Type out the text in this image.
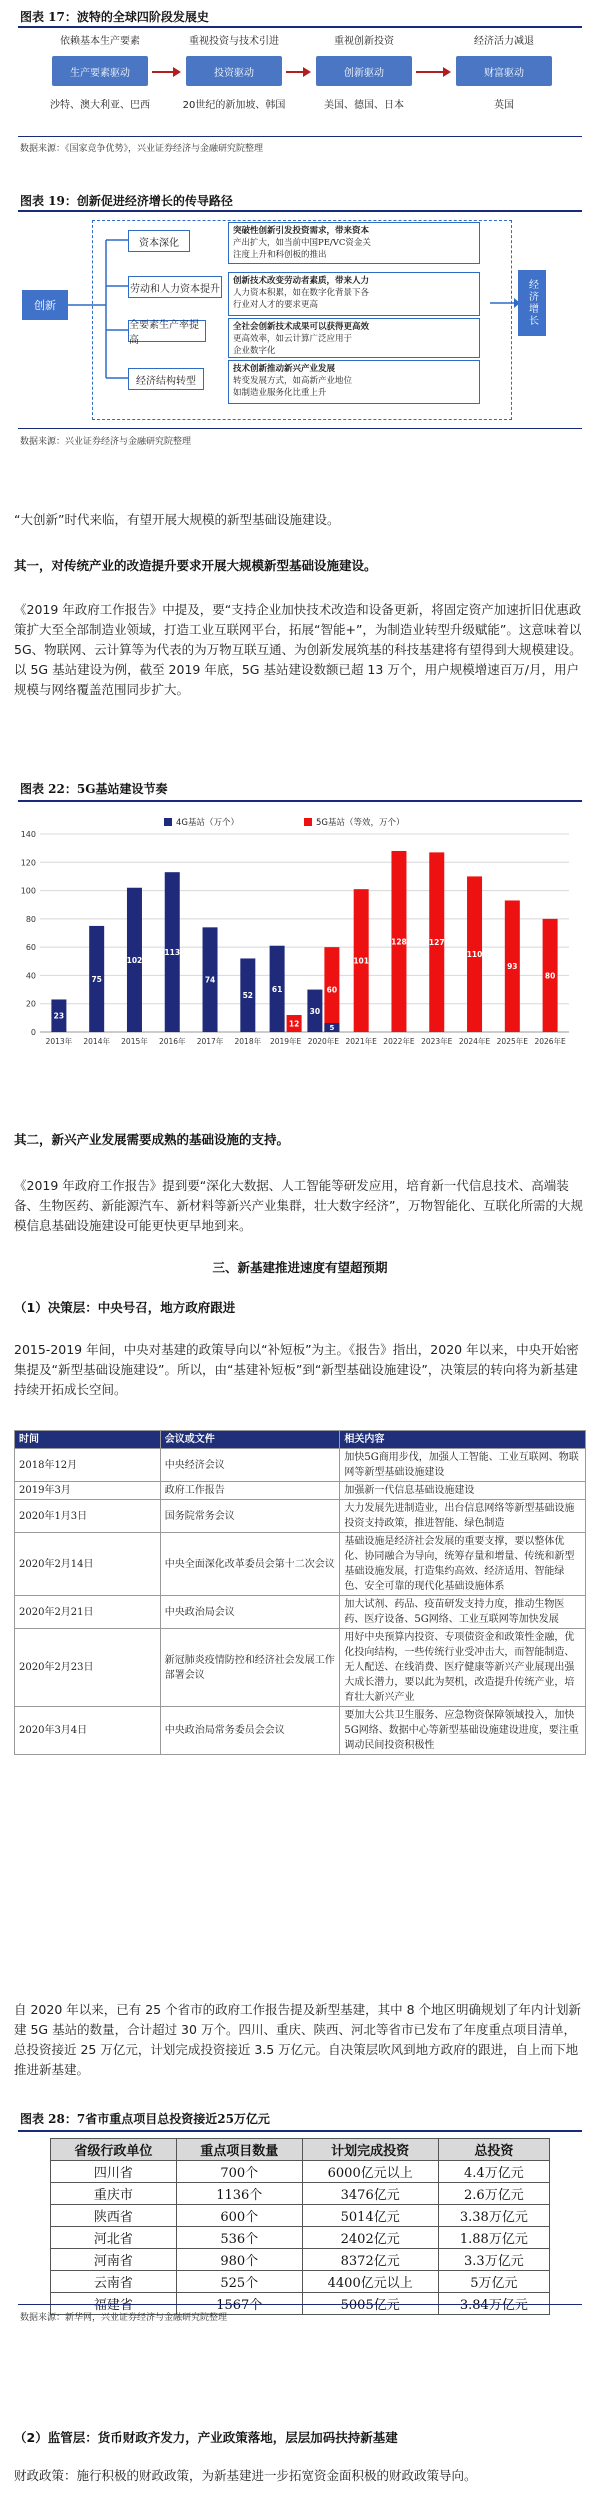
图表 17：波特的全球四阶段发展史
依赖基本生产要素
生产要素驱动
沙特、澳大利亚、巴西
重视投资与技术引进
投资驱动
20世纪的新加坡、韩国
重视创新投资
创新驱动
美国、德国、日本
经济活力减退
财富驱动
英国
数据来源：《国家竞争优势》，兴业证券经济与金融研究院整理
图表 19：创新促进经济增长的传导路径
创新	经济增长
资本深化
突破性创新引发投资需求，带来资本
产出扩大，如当前中国PE/VC资金关
注度上升和科创板的推出
劳动和人力资本提升
创新技术改变劳动者素质，带来人力
人力资本积累，如在数字化背景下各
行业对人才的要求更高
全要素生产率提高
全社会创新技术成果可以获得更高效
更高效率，如云计算广泛应用于
企业数字化
经济结构转型
技术创新推动新兴产业发展
转变发展方式，如高新产业地位
如制造业服务化比重上升
数据来源：兴业证券经济与金融研究院整理
“大创新”时代来临，有望开展大规模的新型基础设施建设。
其一，对传统产业的改造提升要求开展大规模新型基础设施建设。
《2019 年政府工作报告》中提及，要“支持企业加快技术改造和设备更新，将固定资产加速折旧优惠政策扩大至全部制造业领域，打造工业互联网平台，拓展“智能+”，为制造业转型升级赋能”。这意味着以 5G、物联网、云计算等为代表的为万物互联互通、为创新发展筑基的科技基建将有望得到大规模建设。以 5G 基站建设为例，截至 2019 年底，5G 基站建设数额已超 13 万个，用户规模增速百万/月，用户规模与网络覆盖范围同步扩大。
图表 22：5G基站建设节奏
0
20
40
60
80
100
120
140
2013年
23
2014年
75
2015年
102
2016年
113
2017年
74
2018年
52
2019年E
61
12
2020年E
30
60
2021年E
101
2022年E
128
2023年E
127
2024年E
110
2025年E
93
2026年E
80
5
4G基站（万个）	5G基站（等效，万个）
其二，新兴产业发展需要成熟的基础设施的支持。
《2019 年政府工作报告》提到要“深化大数据、人工智能等研发应用，培育新一代信息技术、高端装备、生物医药、新能源汽车、新材料等新兴产业集群，壮大数字经济”，万物智能化、互联化所需的大规模信息基础设施建设可能更快更早地到来。
三、新基建推进速度有望超预期
（1）决策层：中央号召，地方政府跟进
2015-2019 年间，中央对基建的政策导向以“补短板”为主。《报告》指出，2020 年以来，中央开始密集提及“新型基础设施建设”。所以，由“基建补短板”到“新型基础设施建设”，决策层的转向将为新基建持续开拓成长空间。
时间	会议或文件	相关内容
2018年12月	中央经济会议	加快5G商用步伐，加强人工智能、工业互联网、物联网等新型基础设施建设
2019年3月	政府工作报告	加强新一代信息基础设施建设
2020年1月3日	国务院常务会议	大力发展先进制造业，出台信息网络等新型基础设施投资支持政策，推进智能、绿色制造
2020年2月14日	中央全面深化改革委员会第十二次会议	基础设施是经济社会发展的重要支撑，要以整体优化、协同融合为导向，统筹存量和增量、传统和新型基础设施发展，打造集约高效、经济适用、智能绿色、安全可靠的现代化基础设施体系
2020年2月21日	中央政治局会议	加大试剂、药品、疫苗研发支持力度，推动生物医药、医疗设备、5G网络、工业互联网等加快发展
2020年2月23日	新冠肺炎疫情防控和经济社会发展工作部署会议	用好中央预算内投资、专项债资金和政策性金融，优化投向结构，一些传统行业受冲击大，而智能制造、无人配送、在线消费、医疗健康等新兴产业展现出强大成长潜力，要以此为契机，改造提升传统产业，培育壮大新兴产业
2020年3月4日	中央政治局常务委员会会议	要加大公共卫生服务、应急物资保障领域投入，加快5G网络、数据中心等新型基础设施建设进度，要注重调动民间投资积极性
自 2020 年以来，已有 25 个省市的政府工作报告提及新型基建，其中 8 个地区明确规划了年内计划新建 5G 基站的数量，合计超过 30 万个。四川、重庆、陕西、河北等省市已发布了年度重点项目清单，总投资接近 25 万亿元，计划完成投资接近 3.5 万亿元。自决策层吹风到地方政府的跟进，自上而下地推进新基建。
图表 28：7省市重点项目总投资接近25万亿元
省级行政单位	重点项目数量	计划完成投资	总投资
四川省	700个	6000亿元以上	4.4万亿元
重庆市	1136个	3476亿元	2.6万亿元
陕西省	600个	5014亿元	3.38万亿元
河北省	536个	2402亿元	1.88万亿元
河南省	980个	8372亿元	3.3万亿元
云南省	525个	4400亿元以上	5万亿元
福建省	1567个	5005亿元	3.84万亿元
数据来源：新华网，兴业证券经济与金融研究院整理
（2）监管层：货币财政齐发力，产业政策落地，层层加码扶持新基建
财政政策：施行积极的财政政策，为新基建进一步拓宽资金面积极的财政政策导向。
